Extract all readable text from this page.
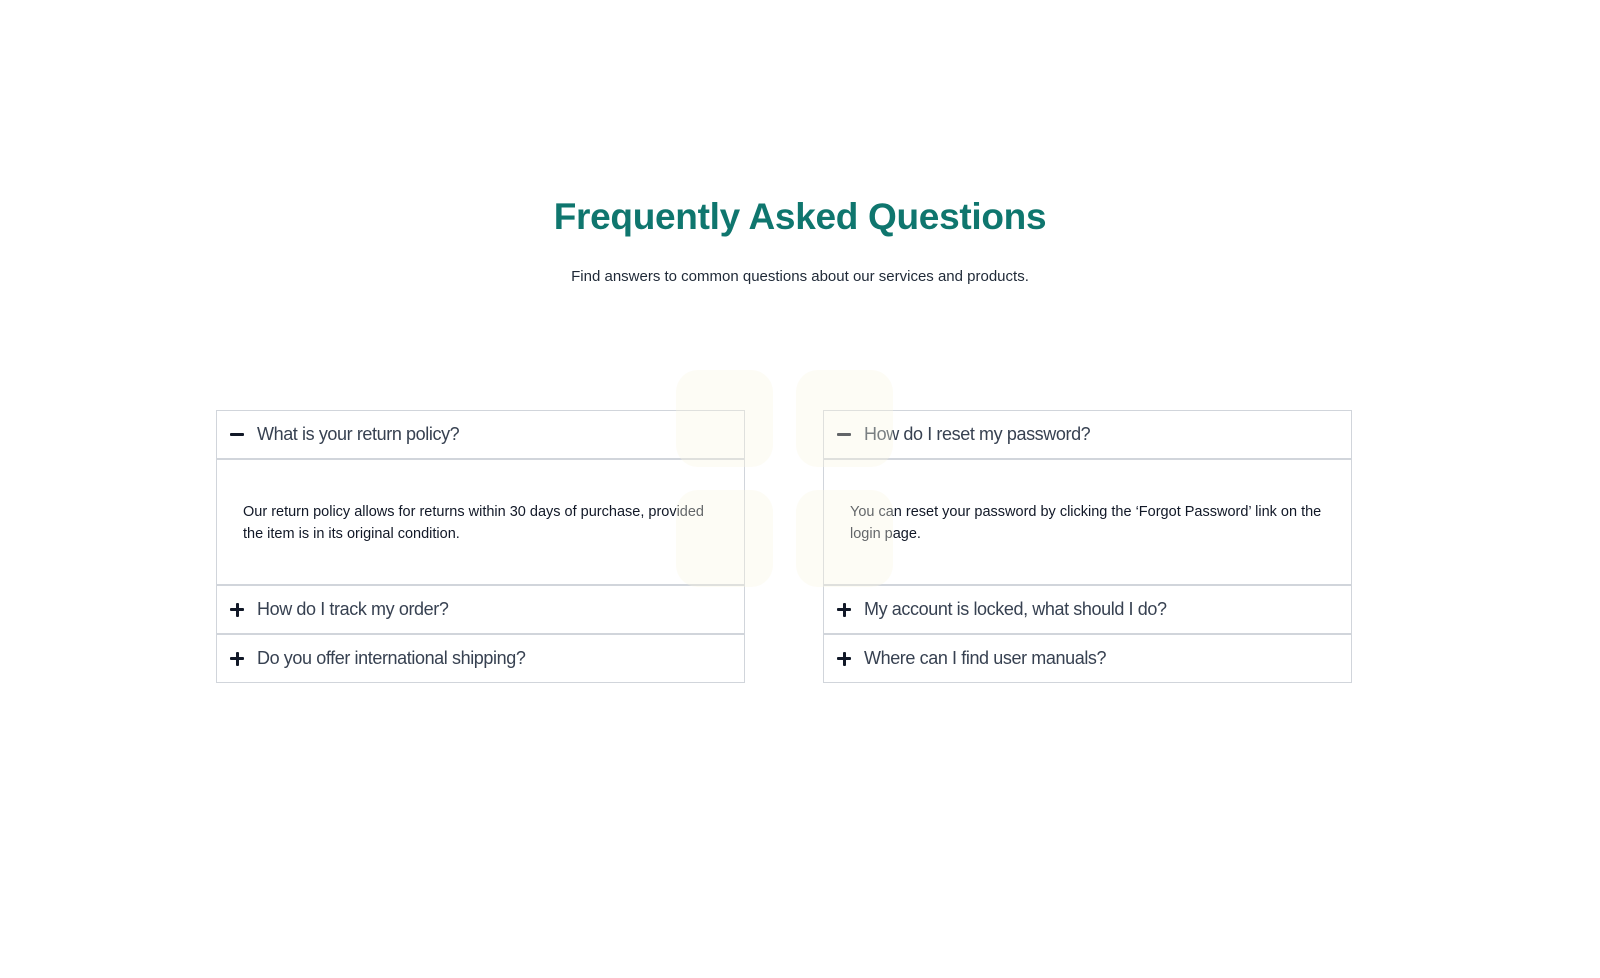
Frequently Asked Questions

Find answers to common questions about our services and products.

What is your return policy?
Our return policy allows for returns within 30 days of purchase, provided the item is in its original condition.
How do I track my order?
Do you offer international shipping?
How do I reset my password?
You can reset your password by clicking the ‘Forgot Password’ link on the login page.
My account is locked, what should I do?
Where can I find user manuals?
